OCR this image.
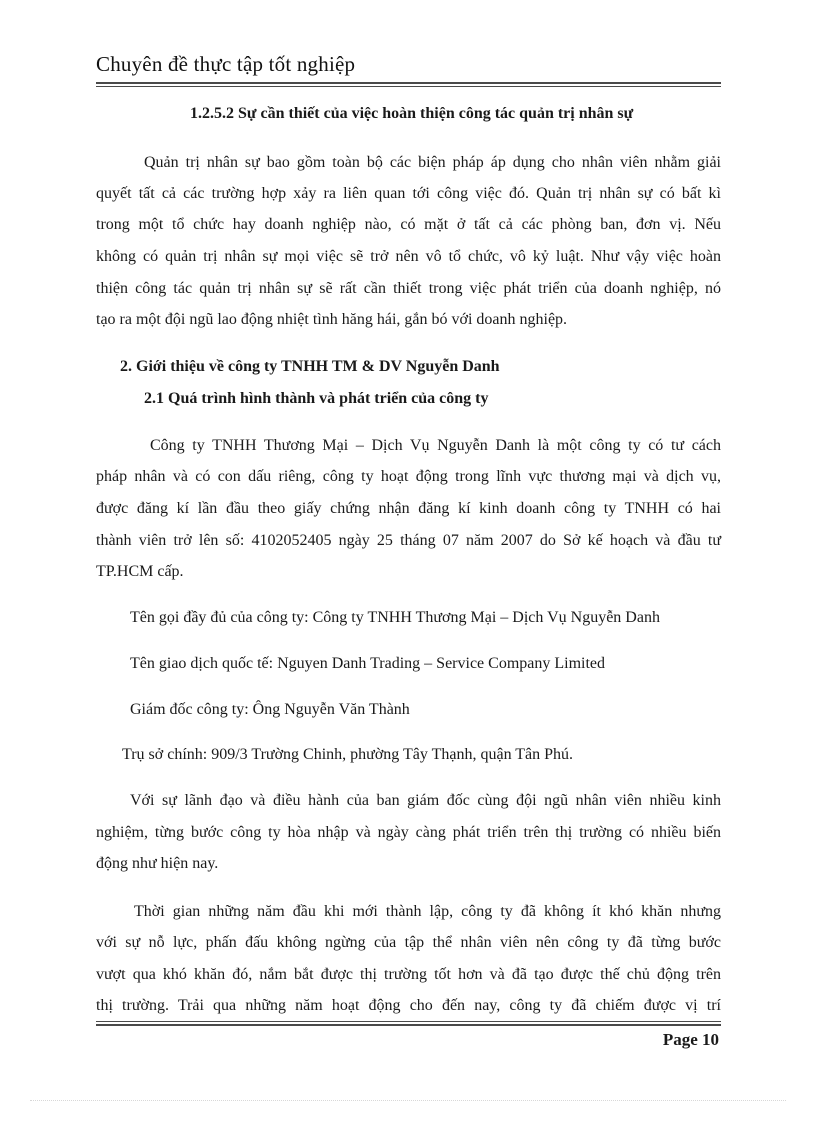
Chuyên đề thực tập tốt nghiệp
1.2.5.2 Sự cần thiết của việc hoàn thiện công tác quản trị nhân sự
Quản trị nhân sự bao gồm toàn bộ các biện pháp áp dụng cho nhân viên nhằm giải
quyết tất cả các trường hợp xảy ra liên quan tới công việc đó. Quản trị nhân sự có bất kì
trong một tổ chức hay doanh nghiệp nào, có mặt ở tất cả các phòng ban, đơn vị. Nếu
không có quản trị nhân sự mọi việc sẽ trở nên vô tổ chức, vô kỷ luật. Như vậy việc hoàn
thiện công tác quản trị nhân sự sẽ rất cần thiết trong việc phát triển của doanh nghiệp, nó
tạo ra một đội ngũ lao động nhiệt tình hăng hái, gắn bó với doanh nghiệp.
2. Giới thiệu về công ty TNHH TM & DV Nguyễn Danh
2.1 Quá trình hình thành và phát triển của công ty
Công ty TNHH Thương Mại – Dịch Vụ Nguyễn Danh là một công ty có tư cách
pháp nhân và có con dấu riêng, công ty hoạt động trong lĩnh vực thương mại và dịch vụ,
được đăng kí lần đầu theo giấy chứng nhận đăng kí kinh doanh công ty TNHH có hai
thành viên trở lên số: 4102052405 ngày 25 tháng 07 năm 2007 do Sở kế hoạch và đầu tư
TP.HCM cấp.
Tên gọi đầy đủ của công ty: Công ty TNHH Thương Mại – Dịch Vụ Nguyễn Danh
Tên giao dịch quốc tế: Nguyen Danh Trading – Service Company Limited
Giám đốc công ty: Ông Nguyễn Văn Thành
Trụ sở chính: 909/3 Trường Chinh, phường Tây Thạnh, quận Tân Phú.
Với sự lãnh đạo và điều hành của ban giám đốc cùng đội ngũ nhân viên nhiều kinh
nghiệm, từng bước công ty hòa nhập và ngày càng phát triển trên thị trường có nhiều biến
động như hiện nay.
Thời gian những năm đầu khi mới thành lập, công ty đã không ít khó khăn nhưng
với sự nỗ lực, phấn đấu không ngừng của tập thể nhân viên nên công ty đã từng bước
vượt qua khó khăn đó, nắm bắt được thị trường tốt hơn và đã tạo được thế chủ động trên
thị trường. Trải qua những năm hoạt động cho đến nay, công ty đã chiếm được vị trí
Page 10
